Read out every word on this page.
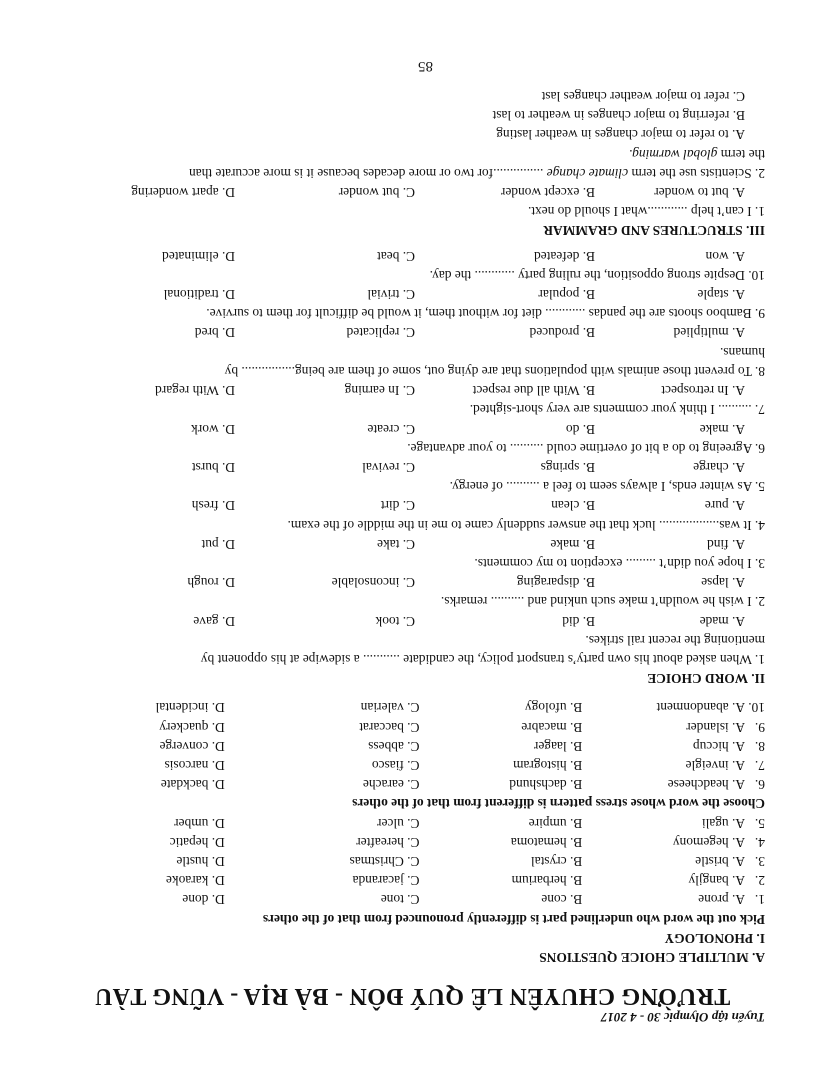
Tuyển tập Olympic 30 - 4 2017
TRƯỜNG CHUYÊN LÊ QUÝ ĐÔN - BÀ RỊA - VŨNG TÀU
A. MULTIPLE CHOICE QUESTIONS
I. PHONOLOGY
Pick out the word who underlined part is differently pronounced from that of the others
1.
A. prone
B. cone
C. tone
D. done
2.
A. bangjly
B. herbarium
C. jacaranda
D. karaoke
3.
A. bristle
B. crystal
C. Christmas
D. hustle
4.
A. hegemony
B. hematoma
C. hereafter
D. hepatic
5.
A. ugali
B. umpire
C. ulcer
D. umber
Choose the word whose stress pattern is different from that of the others
6.
A. headcheese
B. dachshund
C. earache
D. backdate
7.
A. inveigle
B. histogram
C. fiasco
D. narcosis
8.
A. hiccup
B. laager
C. abbess
D. converge
9.
A. islander
B. macabre
C. baccarat
D. quackery
10.
A. abandonment
B. ufology
C. valerian
D. incidental
II. WORD CHOICE
1. When asked about his own party’s transport policy, the candidate ........... a sidewipe at his opponent by
mentioning the recent rail strikes.
A. made
B. did
C. took
D. gave
2. I wish he wouldn’t make such unkind and .......... remarks.
A. lapse
B. disparaging
C. inconsolable
D. rough
3. I hope you didn’t ......... exception to my comments.
A. find
B. make
C. take
D. put
4. It was.................. luck that the answer suddenly came to me in the middle of the exam.
A. pure
B. clean
C. dirt
D. fresh
5. As winter ends, I always seem to feel a .......... of energy.
A. charge
B. springs
C. revival
D. burst
6. Agreeing to do a bit of overtime could .......... to your advantage.
A. make
B. do
C. create
D. work
7. .......... I think your comments are very short-sighted.
A. In retrospect
B. With all due respect
C. In earning
D. With regard
8. To prevent those animals with populations that are dying out, some of them are being................ by
humans.
A. multiplied
B. produced
C. replicated
D. bred
9. Bamboo shoots are the pandas ............ diet for without them, it would be difficult for them to survive.
A. staple
B. popular
C. trivial
D. traditional
10. Despite strong opposition, the ruling party ............ the day.
A. won
B. defeated
C. beat
D. eliminated
III. STRUCTURES AND GRAMMAR
1. I can’t help ............what I should do next.
A. but to wonder
B. except wonder
C. but wonder
D. apart wondering
2. Scientists use the term climate change ...............for two or more decades because it is more accurate than
the term global warming.
A. to refer to major changes in weather lasting
B. referring to major changes in weather to last
C. refer to major weather changes last
85
